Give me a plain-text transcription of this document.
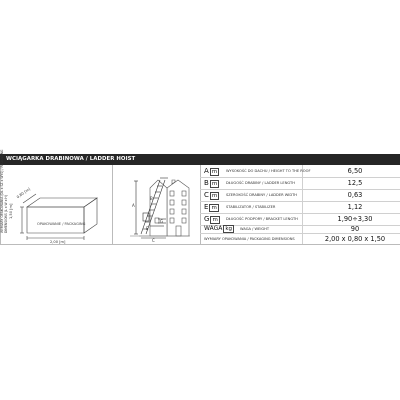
WCIĄGARKA DRABINOWA / LADDER HOIST
WYMIARY OPAKOWANIA (DŁ x SZ x WYS) / PACKAGING DIMENSIONS (L x W x H)	OPAKOWANIE / PACKAGING
1,50 [m]
0,80 [m]
2,00 [m]
A
B
C
E
G
A m	WYSOKOŚĆ DO DACHU / HEIGHT TO THE ROOF	6,50
B m	DŁUGOŚĆ DRABINY / LADDER LENGTH	12,5
C m	SZEROKOŚĆ DRABINY / LADDER WIDTH	0,63
E m	STABILIZATOR / STABILIZER	1,12
G m	DŁUGOŚĆ PODPORY / BRACKET LENGTH	1,90÷3,30
WAGA kg	WAGA / WEIGHT	90
WYMIARY OPAKOWANIA / PACKAGING DIMENSIONS	2,00 x 0,80 x 1,50
